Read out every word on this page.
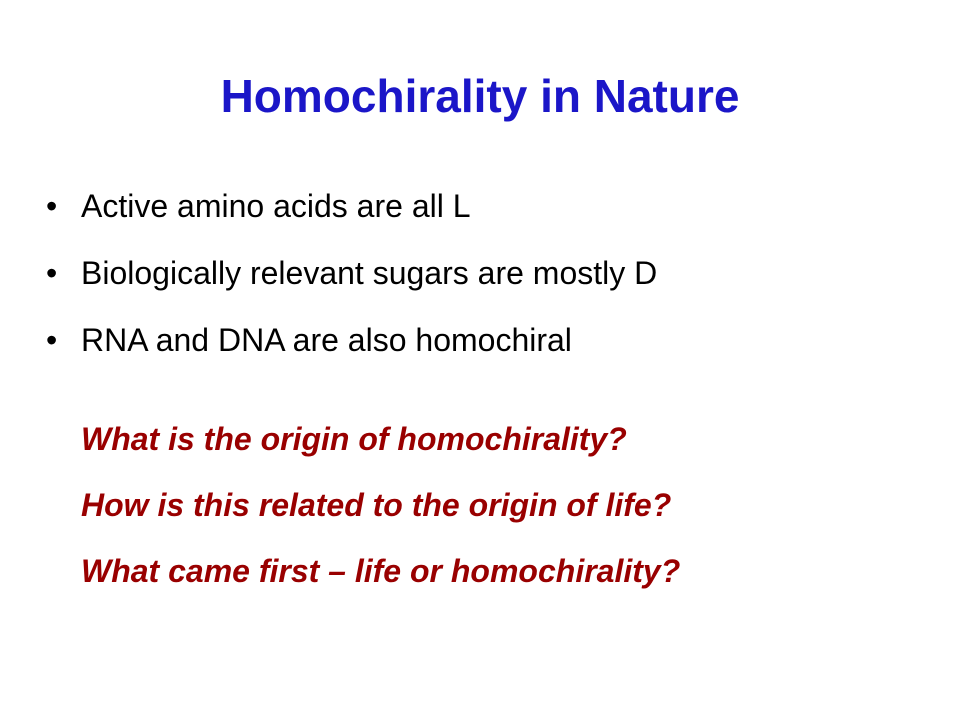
Homochirality in Nature
• Active amino acids are all L
• Biologically relevant sugars are mostly D
• RNA and DNA are also homochiral
What is the origin of homochirality?
How is this related to the origin of life?
What came first – life or homochirality?
